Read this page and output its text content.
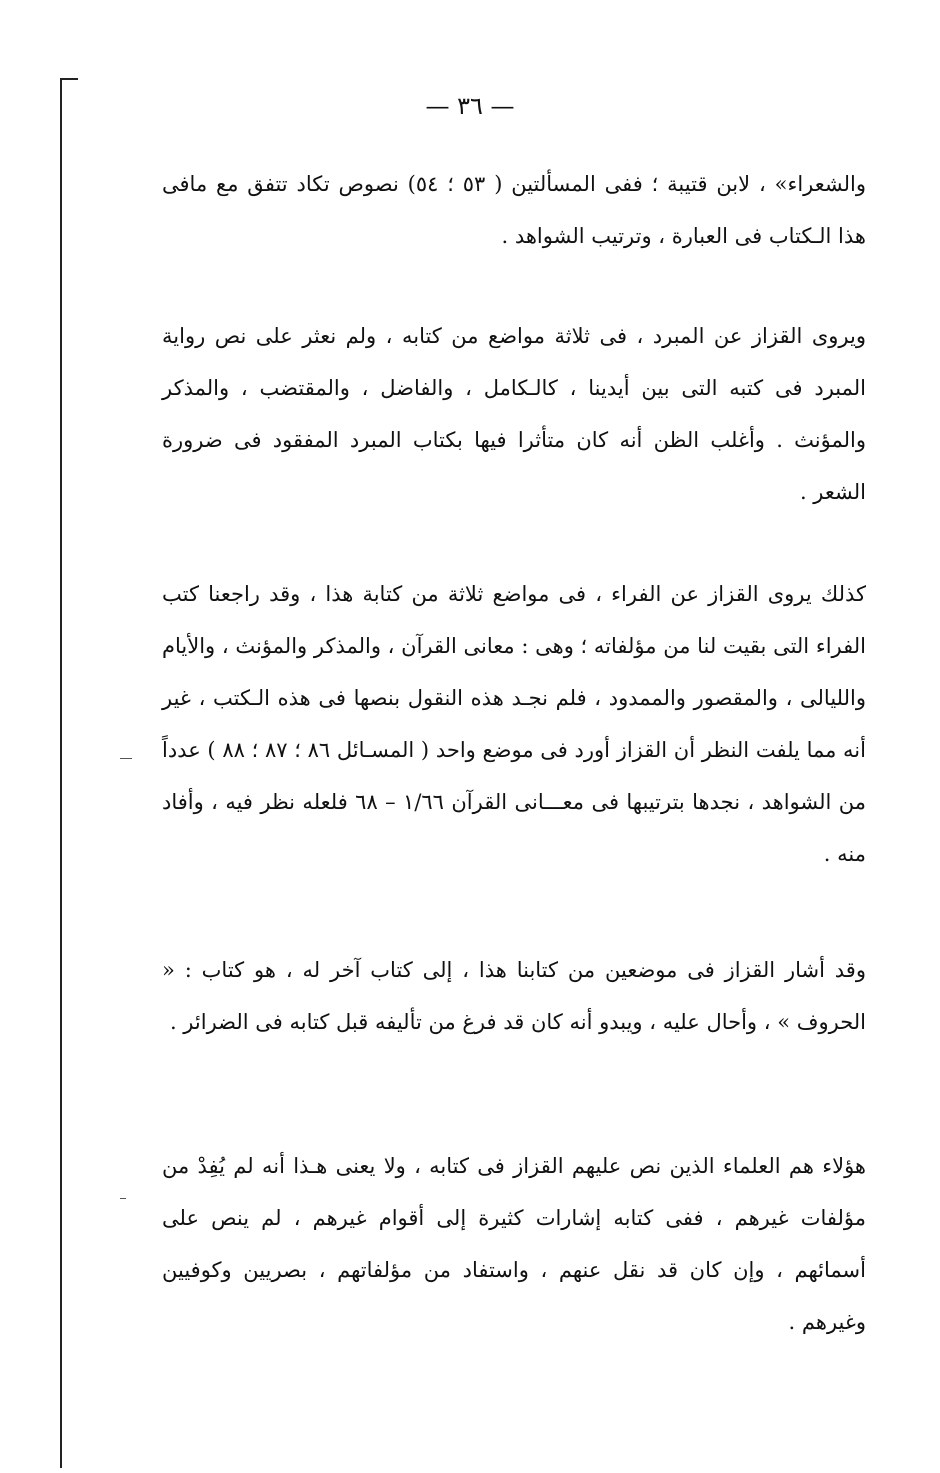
— ٣٦ —

والشعراء» ، لابن قتيبة ؛ ففى المسألتين ( ٥٣ ؛ ٥٤) نصوص تكاد تتفق مع مافى هذا الـكتاب فى العبارة ، وترتيب الشواهد .

ويروى القزاز عن المبرد ، فى ثلاثة مواضع من كتابه ، ولم نعثر على نص رواية المبرد فى كتبه التى بين أيدينا ، كالـكامل ، والفاضل ، والمقتضب ، والمذكر والمؤنث . وأغلب الظن أنه كان متأثرا فيها بكتاب المبرد المفقود فى ضرورة الشعر .

كذلك يروى القزاز عن الفراء ، فى مواضع ثلاثة من كتابة هذا ، وقد راجعنا كتب الفراء التى بقيت لنا من مؤلفاته ؛ وهى : معانى القرآن ، والمذكر والمؤنث ، والأيام والليالى ، والمقصور والممدود ، فلم نجـد هذه النقول بنصها فى هذه الـكتب ، غير أنه مما يلفت النظر أن القزاز أورد فى موضع واحد ( المسـائل ٨٦ ؛ ٨٧ ؛ ٨٨ ) عدداً من الشواهد ، نجدها بترتيبها فى معـــانى القرآن ١/٦٦ – ٦٨ فلعله نظر فيه ، وأفاد منه .

وقد أشار القزاز فى موضعين من كتابنا هذا ، إلى كتاب آخر له ، هو كتاب : « الحروف » ، وأحال عليه ، ويبدو أنه كان قد فرغ من تأليفه قبل كتابه فى الضرائر .

هؤلاء هم العلماء الذين نص عليهم القزاز فى كتابه ، ولا يعنى هـذا أنه لم يُفِدْ من مؤلفات غيرهم ، ففى كتابه إشارات كثيرة إلى أقوام غيرهم ، لم ينص على أسمائهم ، وإن كان قد نقل عنهم ، واستفاد من مؤلفاتهم ، بصريين وكوفيين وغيرهم .
